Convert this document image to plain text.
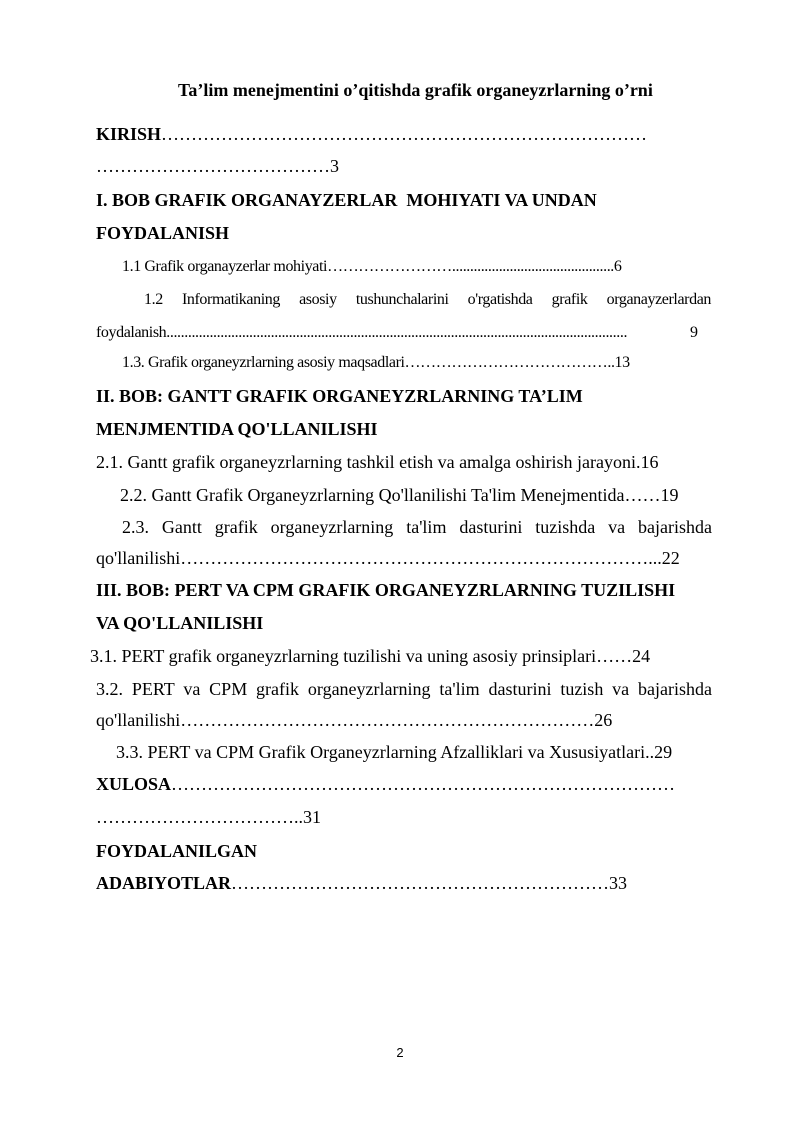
Ta’lim menejmentini o’qitishda grafik organeyzrlarning o’rni
KIRISH………………………………………………………………………
…………………………………3
I. BOB GRAFIK ORGANAYZERLAR  MOHIYATI VA UNDAN
FOYDALANISH
1.1 Grafik organayzerlar mohiyati…………………….............................................6
1.2 Informatikaning asosiy tushunchalarini o'rgatishda grafik organayzerlardan
foydalanish................................................................................................................................	9
1.3. Grafik organeyzrlarning asosiy maqsadlari…………………………………..13
II. BOB: GANTT GRAFIK ORGANEYZRLARNING TA’LIM
MENJMENTIDA QO'LLANILISHI
2.1. Gantt grafik organeyzrlarning tashkil etish va amalga oshirish jarayoni.16
2.2. Gantt Grafik Organeyzrlarning Qo'llanilishi Ta'lim Menejmentida……19
2.3. Gantt grafik organeyzrlarning ta'lim dasturini tuzishda va bajarishda
qo'llanilishi……………………………………………………………………...22
III. BOB: PERT VA CPM GRAFIK ORGANEYZRLARNING TUZILISHI
VA QO'LLANILISHI
3.1. PERT grafik organeyzrlarning tuzilishi va uning asosiy prinsiplari……24
3.2. PERT va CPM grafik organeyzrlarning ta'lim dasturini tuzish va bajarishda
qo'llanilishi……………………………………………………………26
3.3. PERT va CPM Grafik Organeyzrlarning Afzalliklari va Xususiyatlari..29
XULOSA…………………………………………………………………………
……………………………..31
FOYDALANILGAN
ADABIYOTLAR………………………………………………………33
2
